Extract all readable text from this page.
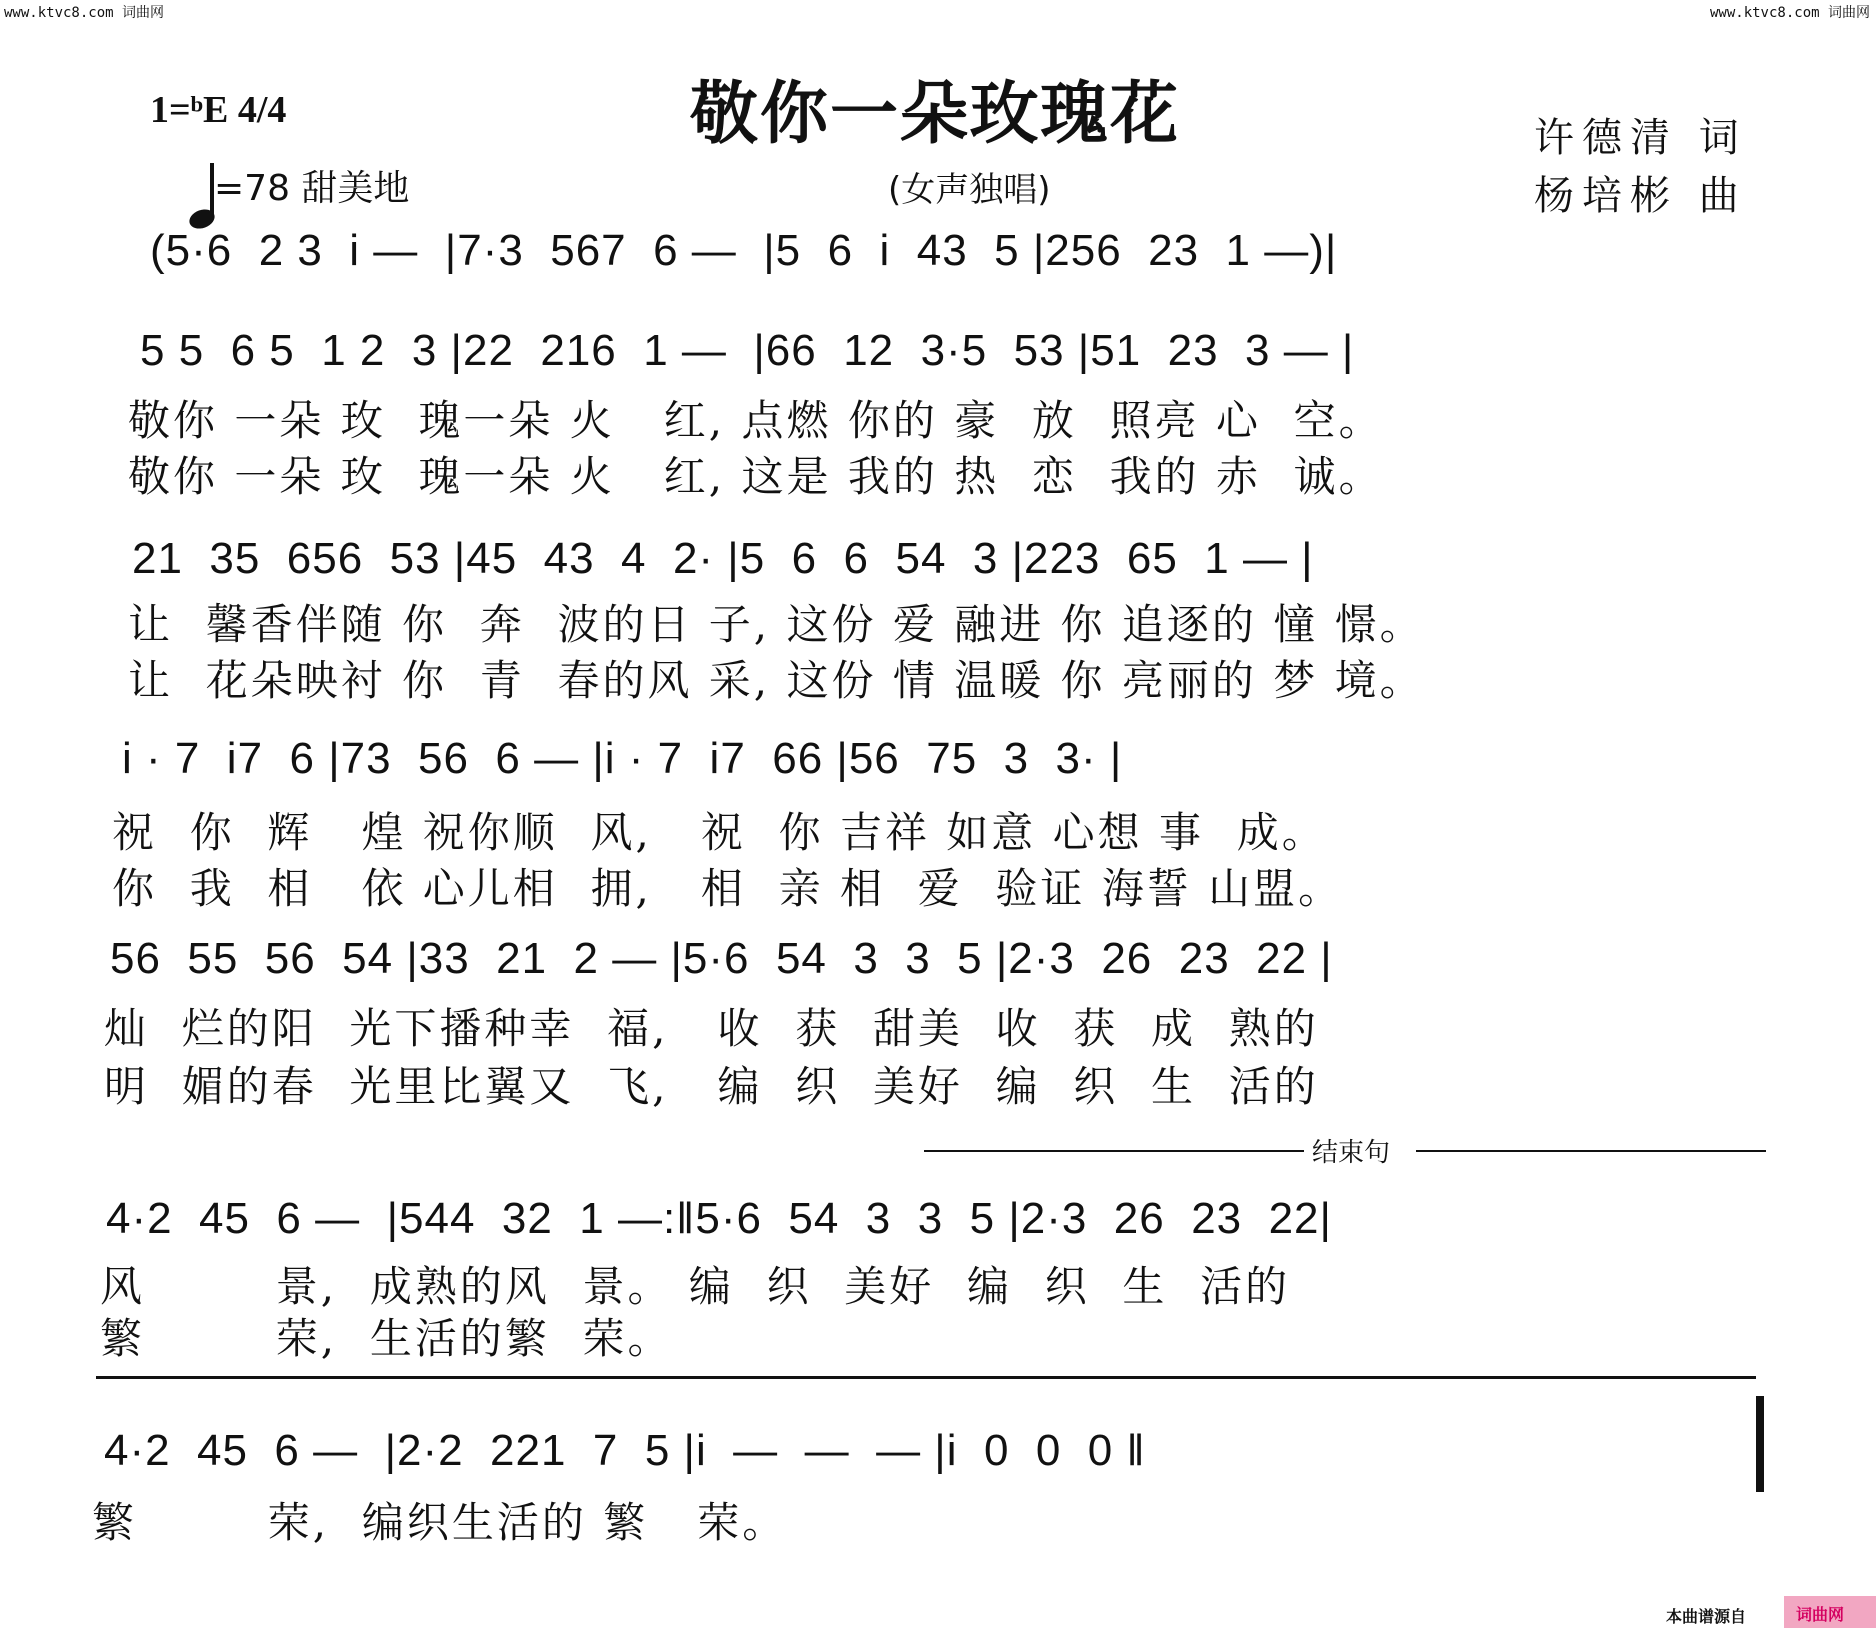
www.ktvc8.com 词曲网	www.ktvc8.com 词曲网
1=ᵇE 4/4

=78 甜美地
敬你一朵玫瑰花
(女声独唱)
许德清 词
杨培彬 曲
(5·6  2 3  i —  |7·3  567  6 —  |5  6  i  43  5 |256  23  1 —)|
5 5  6 5  1 2  3 |22  216  1 —  |66  12  3·5  53 |51  23  3 — |
敬你 一朵 玫  瑰一朵 火   红, 点燃 你的 豪  放  照亮 心  空。
敬你 一朵 玫  瑰一朵 火   红, 这是 我的 热  恋  我的 赤  诚。
21  35  656  53 |45  43  4  2· |5  6  6  54  3 |223  65  1 — |
让  馨香伴随 你  奔  波的日 子, 这份 爱 融进 你 追逐的 憧 憬。
让  花朵映衬 你  青  春的风 采, 这份 情 温暖 你 亮丽的 梦 境。
i · 7  i7  6 |73  56  6 — |i · 7  i7  66 |56  75  3  3· |
祝  你  辉   煌 祝你顺  风,   祝  你 吉祥 如意 心想 事  成。
你  我  相   依 心儿相  拥,   相  亲 相  爱  验证 海誓 山盟。
56  55  56  54 |33  21  2 — |5·6  54  3  3  5 |2·3  26  23  22 |
灿  烂的阳  光下播种幸  福,   收  获  甜美  收  获  成  熟的
明  媚的春  光里比翼又  飞,   编  织  美好  编  织  生  活的
结束句
4·2  45  6 —  |544  32  1 —:‖5·6  54  3  3  5 |2·3  26  23  22|
风        景,  成熟的风  景。 编  织  美好  编  织  生  活的
繁        荣,  生活的繁  荣。
4·2  45  6 —  |2·2  221  7  5 |i  —  —  — |i  0  0  0 ‖
繁        荣,  编织生活的 繁   荣。
本曲谱源自

	词曲网
